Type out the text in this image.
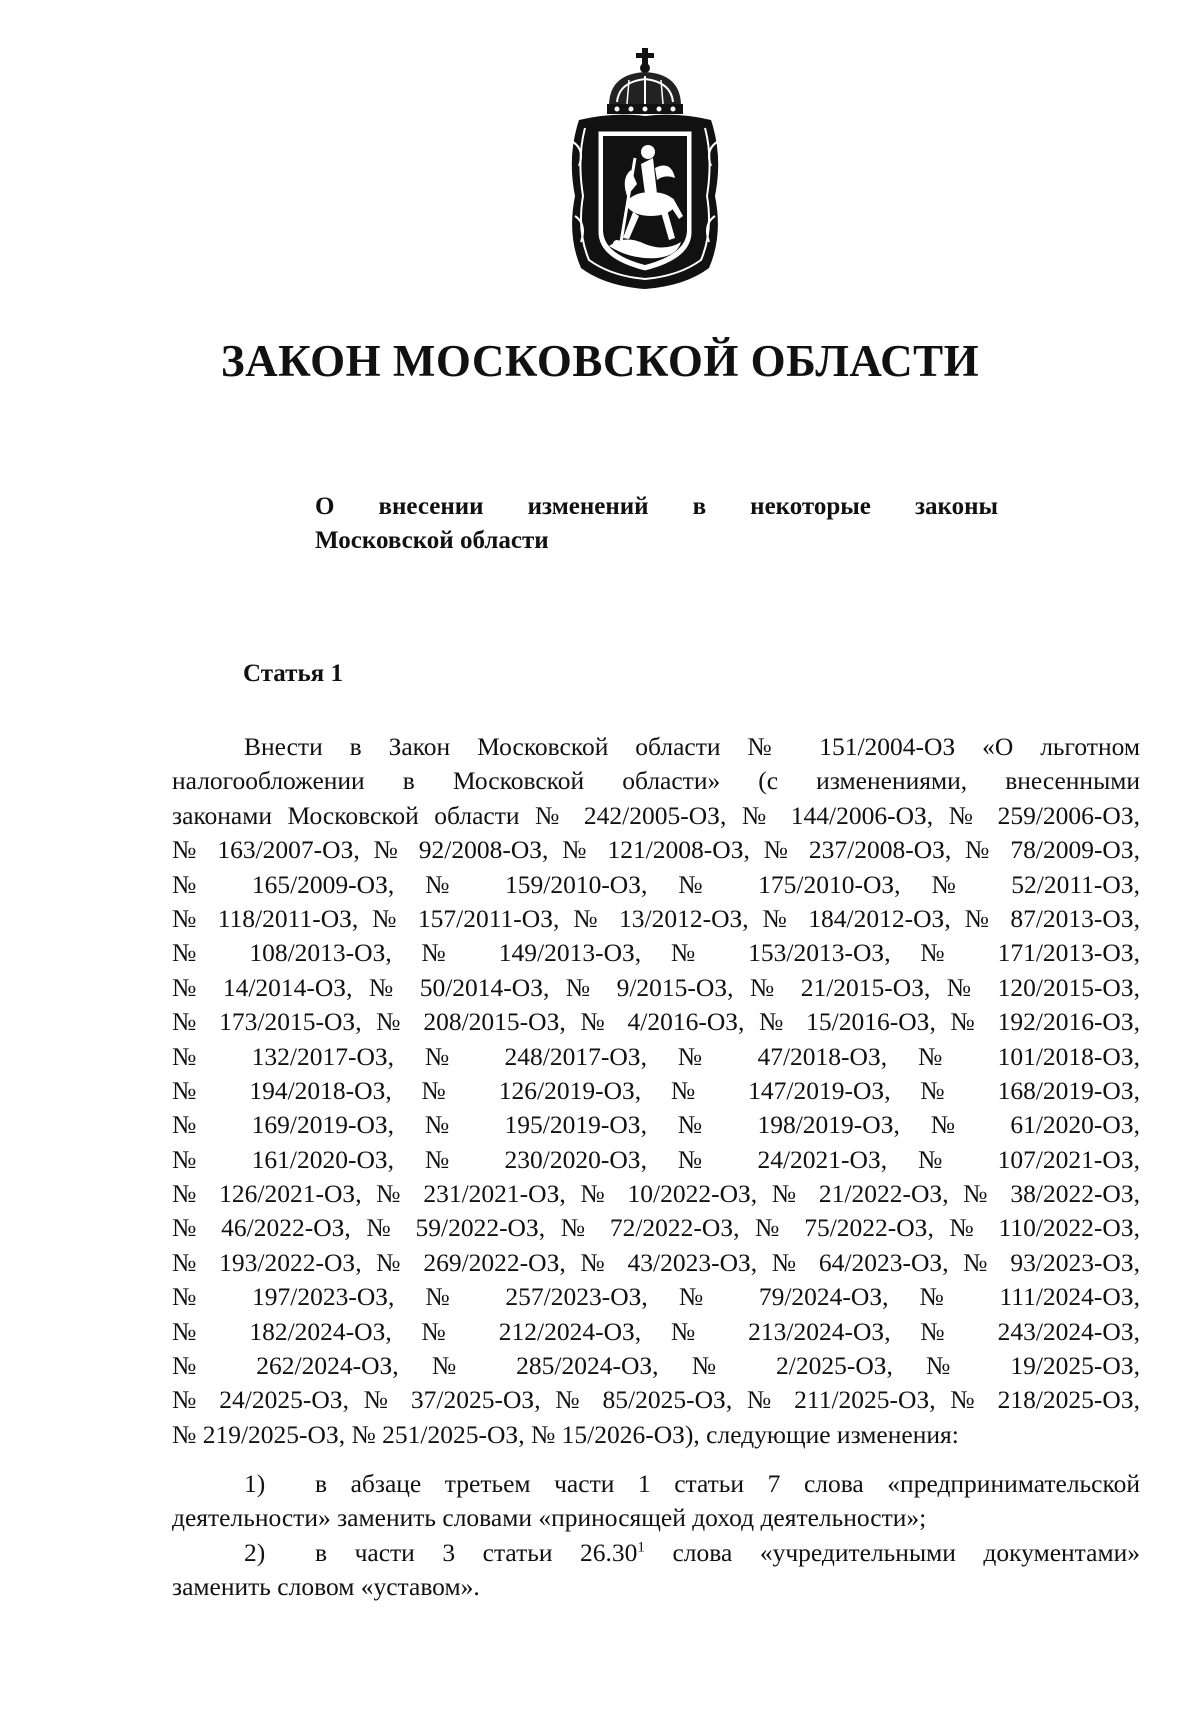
ЗАКОН МОСКОВСКОЙ ОБЛАСТИ
О внесении изменений в некоторые законы
Московской области
Статья 1
Внести в Закон Московской области № 151/2004-ОЗ «О льготном
налогообложении в Московской области» (с изменениями, внесенными
законами Московской области № 242/2005-ОЗ, № 144/2006-ОЗ, № 259/2006-ОЗ,
№ 163/2007-ОЗ, № 92/2008-ОЗ, № 121/2008-ОЗ, № 237/2008-ОЗ, № 78/2009-ОЗ,
№ 165/2009-ОЗ, № 159/2010-ОЗ, № 175/2010-ОЗ, № 52/2011-ОЗ,
№ 118/2011-ОЗ, № 157/2011-ОЗ, № 13/2012-ОЗ, № 184/2012-ОЗ, № 87/2013-ОЗ,
№ 108/2013-ОЗ, № 149/2013-ОЗ, № 153/2013-ОЗ, № 171/2013-ОЗ,
№ 14/2014-ОЗ, № 50/2014-ОЗ, № 9/2015-ОЗ, № 21/2015-ОЗ, № 120/2015-ОЗ,
№ 173/2015-ОЗ, № 208/2015-ОЗ, № 4/2016-ОЗ, № 15/2016-ОЗ, № 192/2016-ОЗ,
№ 132/2017-ОЗ, № 248/2017-ОЗ, № 47/2018-ОЗ, № 101/2018-ОЗ,
№ 194/2018-ОЗ, № 126/2019-ОЗ, № 147/2019-ОЗ, № 168/2019-ОЗ,
№ 169/2019-ОЗ, № 195/2019-ОЗ, № 198/2019-ОЗ, № 61/2020-ОЗ,
№ 161/2020-ОЗ, № 230/2020-ОЗ, № 24/2021-ОЗ, № 107/2021-ОЗ,
№ 126/2021-ОЗ, № 231/2021-ОЗ, № 10/2022-ОЗ, № 21/2022-ОЗ, № 38/2022-ОЗ,
№ 46/2022-ОЗ, № 59/2022-ОЗ, № 72/2022-ОЗ, № 75/2022-ОЗ, № 110/2022-ОЗ,
№ 193/2022-ОЗ, № 269/2022-ОЗ, № 43/2023-ОЗ, № 64/2023-ОЗ, № 93/2023-ОЗ,
№ 197/2023-ОЗ, № 257/2023-ОЗ, № 79/2024-ОЗ, № 111/2024-ОЗ,
№ 182/2024-ОЗ, № 212/2024-ОЗ, № 213/2024-ОЗ, № 243/2024-ОЗ,
№ 262/2024-ОЗ, № 285/2024-ОЗ, № 2/2025-ОЗ, № 19/2025-ОЗ,
№ 24/2025-ОЗ, № 37/2025-ОЗ, № 85/2025-ОЗ, № 211/2025-ОЗ, № 218/2025-ОЗ,
№ 219/2025-ОЗ, № 251/2025-ОЗ, № 15/2026-ОЗ), следующие изменения:
1)	в абзаце третьем части 1 статьи 7 слова «предпринимательской
деятельности» заменить словами «приносящей доход деятельности»;
2)	в части 3 статьи 26.30$^1$ слова «учредительными документами»
заменить словом «уставом».
